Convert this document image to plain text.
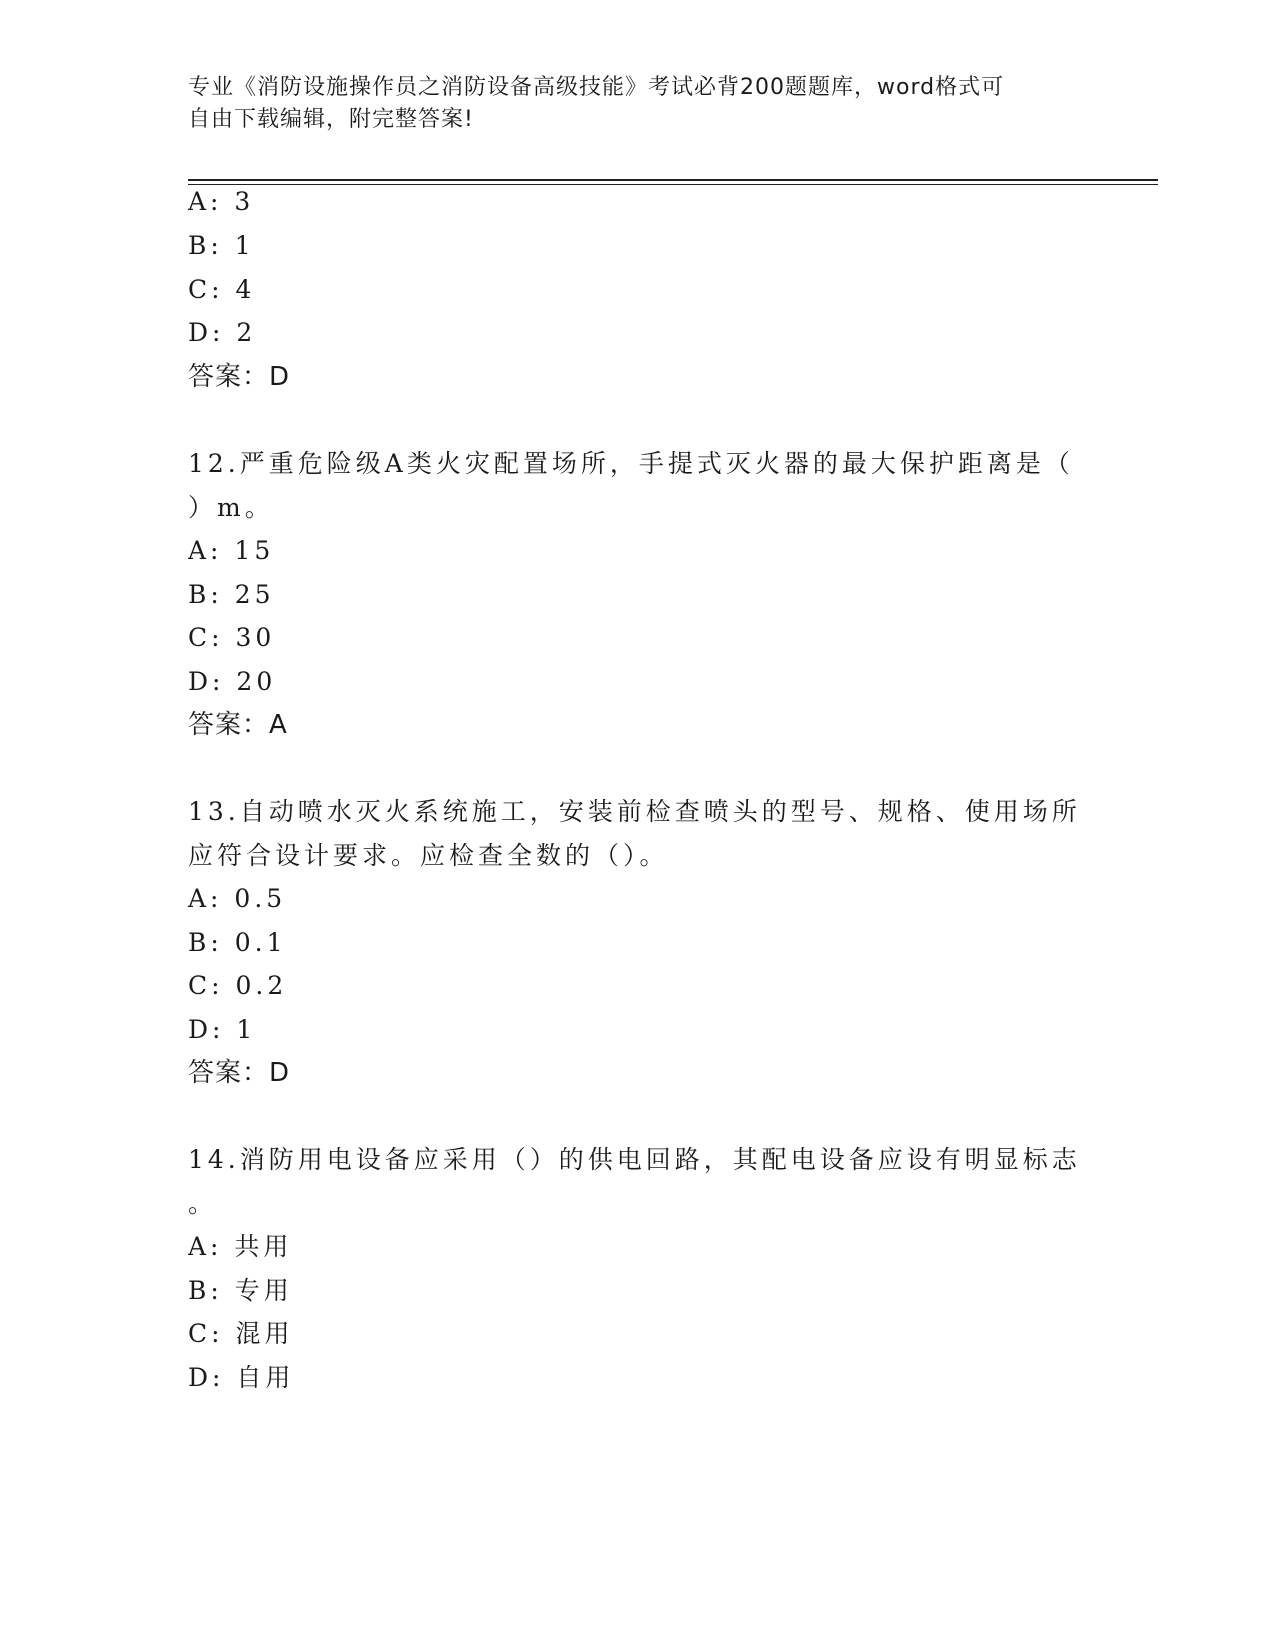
专业《消防设施操作员之消防设备高级技能》考试必背200题题库，word格式可
自由下载编辑，附完整答案!
A: 3
B: 1
C: 4
D: 2
答案：D
12.严重危险级A类火灾配置场所，手提式灭火器的最大保护距离是（
）m。
A: 15
B: 25
C: 30
D: 20
答案：A
13.自动喷水灭火系统施工，安装前检查喷头的型号、规格、使用场所
应符合设计要求。应检查全数的（）。
A: 0.5
B: 0.1
C: 0.2
D: 1
答案：D
14.消防用电设备应采用（）的供电回路，其配电设备应设有明显标志
。
A: 共用
B: 专用
C: 混用
D: 自用
